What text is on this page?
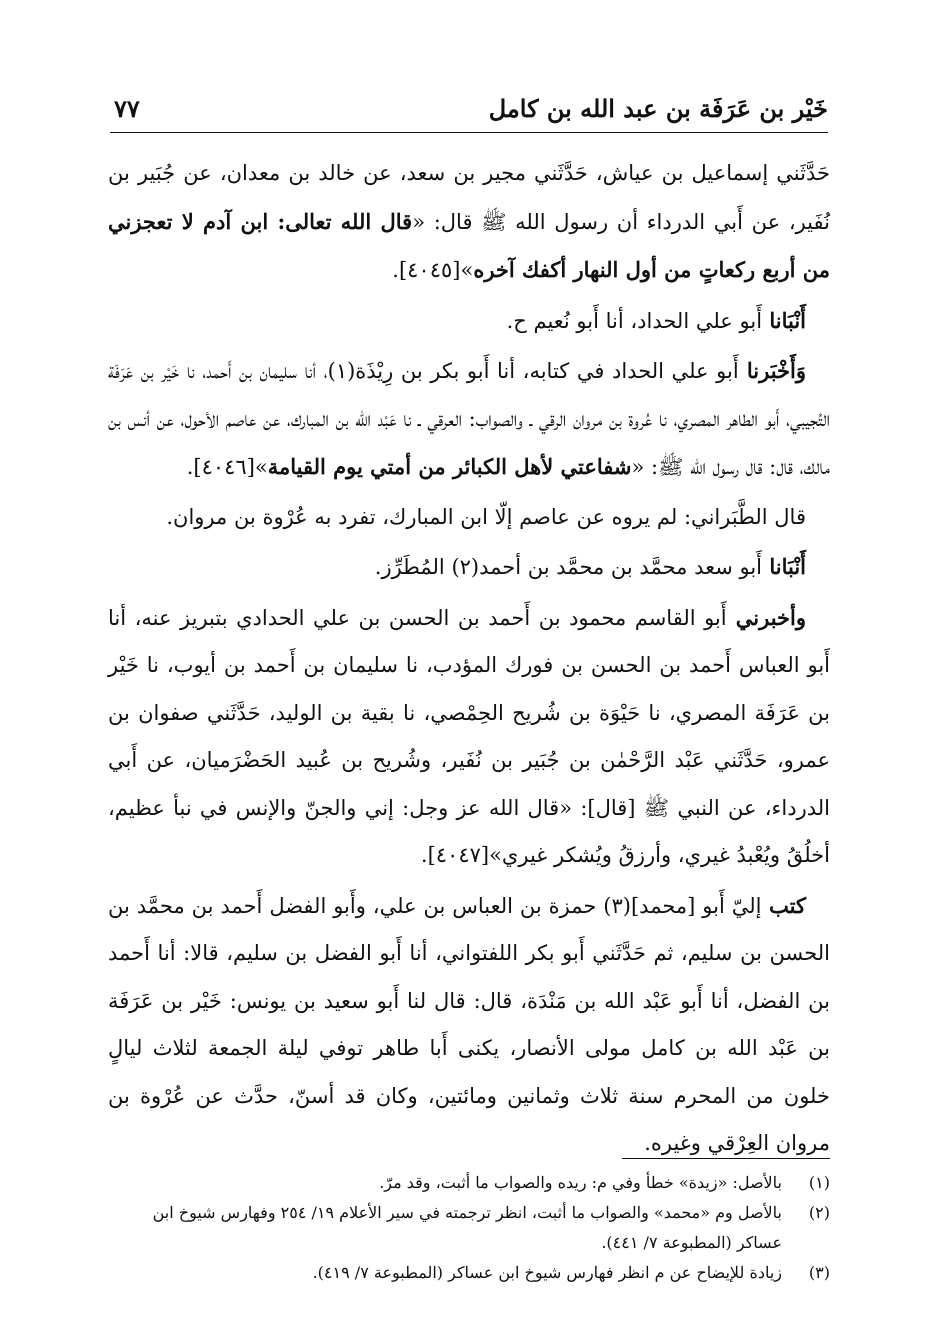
خَيْر بن عَرَفَة بن عبد الله بن كامل
٧٧

حَدَّثَني إسماعيل بن عياش، حَدَّثَني مجير بن سعد، عن خالد بن معدان، عن جُبَير بن نُفَير، عن أَبي الدرداء أن رسول الله ﷺ قال: «قال الله تعالى: ابن آدم لا تعجزني من أربع ركعاتٍ من أول النهار أكفك آخره»[٤٠٤٥].

أَنْبَانا أَبو علي الحداد، أنا أَبو نُعيم ح.

وَأَخْبَرنا أَبو علي الحداد في كتابه، أنا أَبو بكر بن رِيْذَة(١)، أنا سليمان بن أَحمد، نا خَيْر بن عَرَفَة التُجيبي، أَبو الطاهر المصري، نا عُروة بن مروان الرقي ـ والصواب: العرقي ـ نا عَبْد الله بن المبارك، عن عاصم الأحول، عن أنس بن مالك، قال: قال رسول الله ﷺ: «شفاعتي لأهل الكبائر من أمتي يوم القيامة»[٤٠٤٦].

قال الطَّبَراني: لم يروه عن عاصم إلّا ابن المبارك، تفرد به عُرْوة بن مروان.

أَنْبَانا أَبو سعد محمَّد بن محمَّد بن أحمد(٢) المُطَرِّز.

وأخبرني أَبو القاسم محمود بن أَحمد بن الحسن بن علي الحدادي بتبريز عنه، أنا أَبو العباس أَحمد بن الحسن بن فورك المؤدب، نا سليمان بن أَحمد بن أيوب، نا خَيْر بن عَرَفَة المصري، نا حَيْوَة بن شُريح الحِمْصي، نا بقية بن الوليد، حَدَّثَني صفوان بن عمرو، حَدَّثَني عَبْد الرَّحْمٰن بن جُبَير بن نُفَير، وشُريح بن عُبيد الحَضْرَميان، عن أَبي الدرداء، عن النبي ﷺ [قال]: «قال الله عز وجل: إني والجنّ والإنس في نبأ عظيم، أخلُقُ ويُعْبدُ غيري، وأرزقُ ويُشكر غيري»[٤٠٤٧].

كتب إليّ أَبو [محمد](٣) حمزة بن العباس بن علي، وأَبو الفضل أَحمد بن محمَّد بن الحسن بن سليم، ثم حَدَّثَني أَبو بكر اللفتواني، أنا أَبو الفضل بن سليم، قالا: أنا أَحمد بن الفضل، أنا أَبو عَبْد الله بن مَنْدَة، قال: قال لنا أَبو سعيد بن يونس: خَيْر بن عَرَفَة بن عَبْد الله بن كامل مولى الأنصار، يكنى أَبا طاهر توفي ليلة الجمعة لثلاث ليالٍ خلون من المحرم سنة ثلاث وثمانين ومائتين، وكان قد أسنّ، حدَّث عن عُرْوة بن مروان العِرْقي وغيره.

(١)
بالأصل: «زيدة» خطأ وفي م: ريده والصواب ما أثبت، وقد مرّ.
(٢)
بالأصل وم «محمد» والصواب ما أثبت، انظر ترجمته في سير الأعلام ١٩/ ٢٥٤ وفهارس شيوخ ابن عساكر (المطبوعة ٧/ ٤٤١).
(٣)
زيادة للإيضاح عن م انظر فهارس شيوخ ابن عساكر (المطبوعة ٧/ ٤١٩).
